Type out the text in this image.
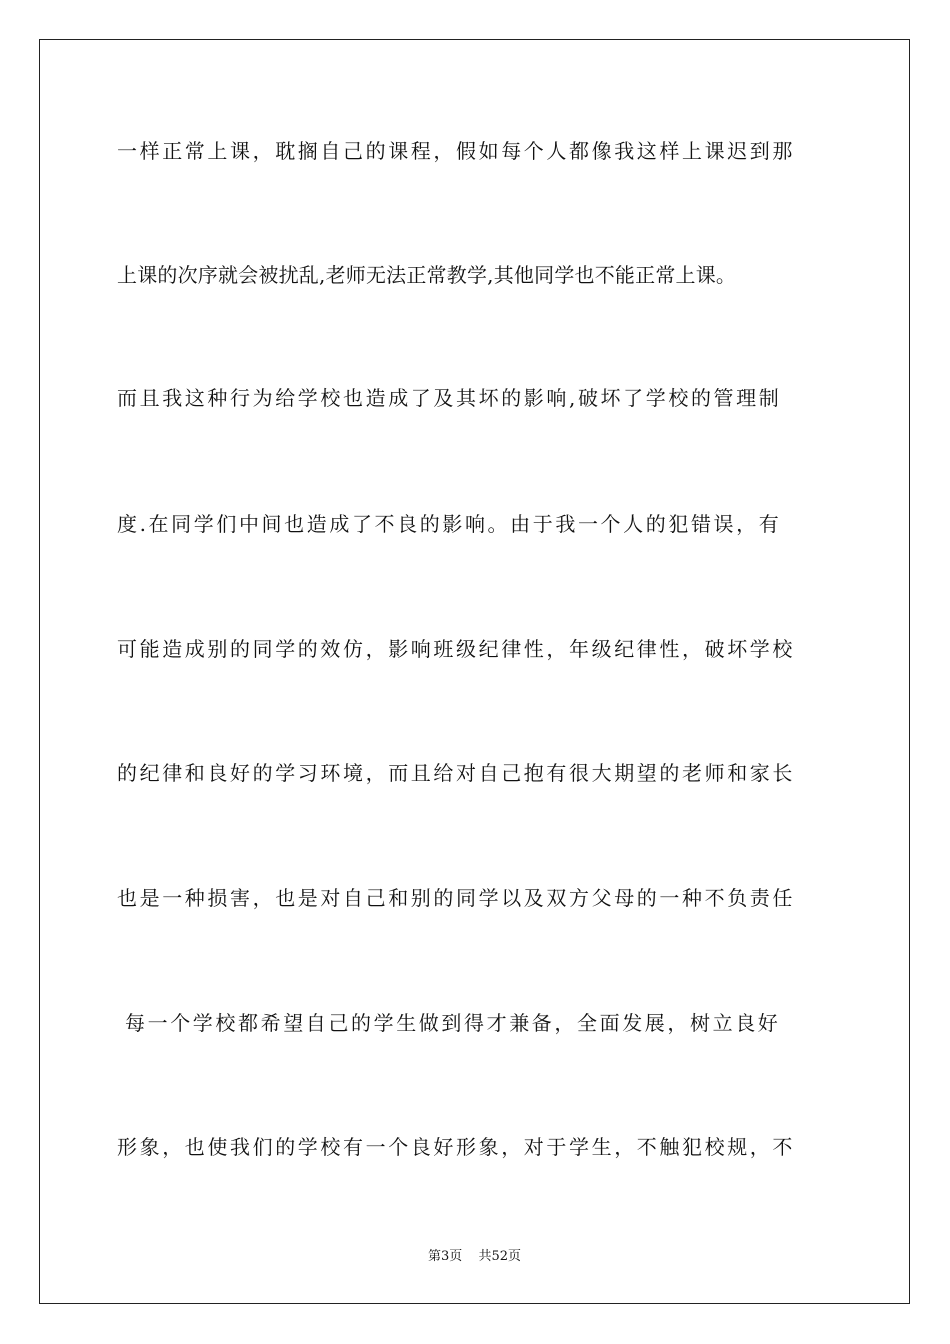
一样正常上课，耽搁自己的课程，假如每个人都像我这样上课迟到那
上课的次序就会被扰乱,老师无法正常教学,其他同学也不能正常上课。
而且我这种行为给学校也造成了及其坏的影响,破坏了学校的管理制
度.在同学们中间也造成了不良的影响。由于我一个人的犯错误，有
可能造成别的同学的效仿，影响班级纪律性，年级纪律性，破坏学校
的纪律和良好的学习环境，而且给对自己抱有很大期望的老师和家长
也是一种损害，也是对自己和别的同学以及双方父母的一种不负责任
每一个学校都希望自己的学生做到得才兼备，全面发展，树立良好
形象，也使我们的学校有一个良好形象，对于学生，不触犯校规，不
第3页 共52页
